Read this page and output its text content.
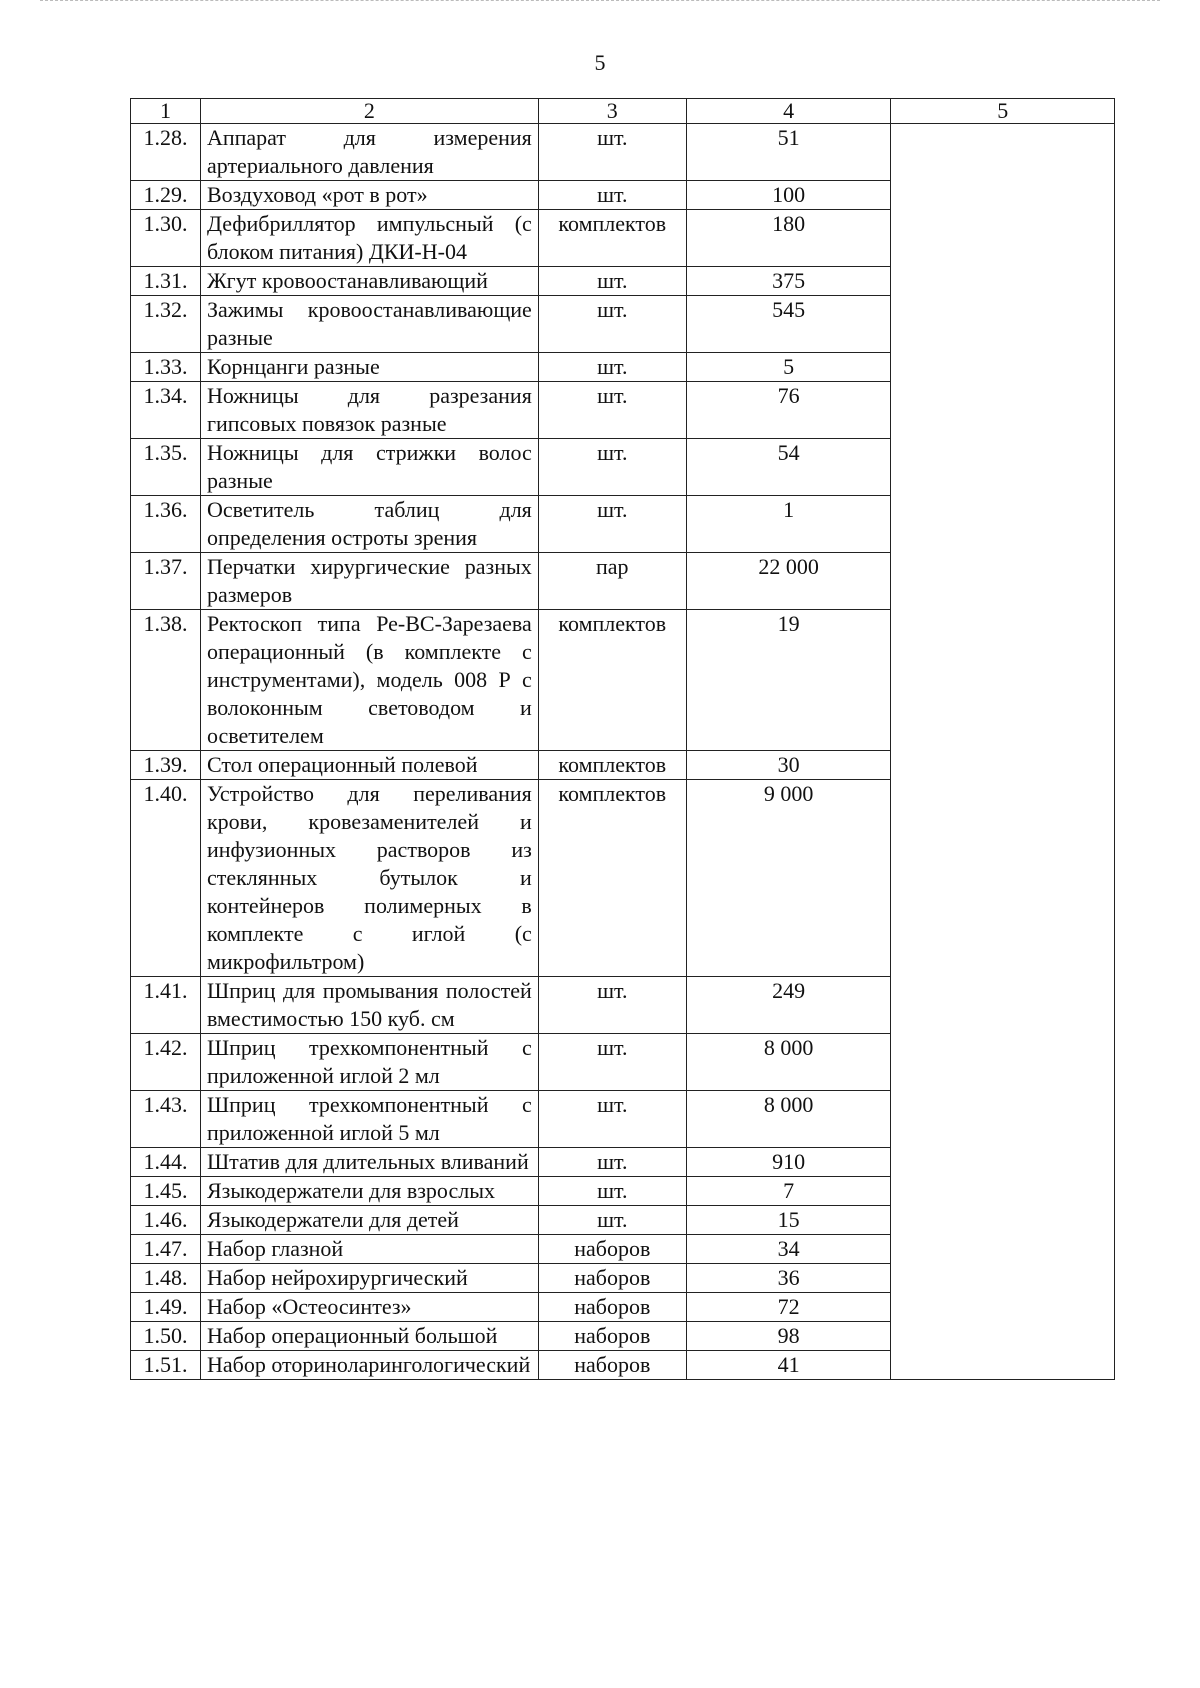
5
1	2	3	4	5
1.28.	Аппарат для измерения артериального давления	шт.	51	
1.29.	Воздуховод «рот в рот»	шт.	100	
1.30.	Дефибриллятор импульсный (с блоком питания) ДКИ-Н-04	комплектов	180	
1.31.	Жгут кровоостанавливающий	шт.	375	
1.32.	Зажимы кровоостанавливающие разные	шт.	545	
1.33.	Корнцанги разные	шт.	5	
1.34.	Ножницы для разрезания гипсовых повязок разные	шт.	76	
1.35.	Ножницы для стрижки волос разные	шт.	54	
1.36.	Осветитель таблиц для определения остроты зрения	шт.	1	
1.37.	Перчатки хирургические разных размеров	пар	22 000	
1.38.	Ректоскоп типа Ре-ВС-Зарезаева операционный (в комплекте с инструментами), модель 008 Р с волоконным световодом и осветителем	комплектов	19	
1.39.	Стол операционный полевой	комплектов	30	
1.40.	Устройство для переливания крови, кровезаменителей и инфузионных растворов из стеклянных бутылок и контейнеров полимерных в комплекте с иглой (с микрофильтром)	комплектов	9 000	
1.41.	Шприц для промывания полостей вместимостью 150 куб. см	шт.	249	
1.42.	Шприц трехкомпонентный с приложенной иглой 2 мл	шт.	8 000	
1.43.	Шприц трехкомпонентный с приложенной иглой 5 мл	шт.	8 000	
1.44.	Штатив для длительных вливаний	шт.	910	
1.45.	Языкодержатели для взрослых	шт.	7	
1.46.	Языкодержатели для детей	шт.	15	
1.47.	Набор глазной	наборов	34	
1.48.	Набор нейрохирургический	наборов	36	
1.49.	Набор «Остеосинтез»	наборов	72	
1.50.	Набор операционный большой	наборов	98	
1.51.	Набор оториноларингологический	наборов	41	
